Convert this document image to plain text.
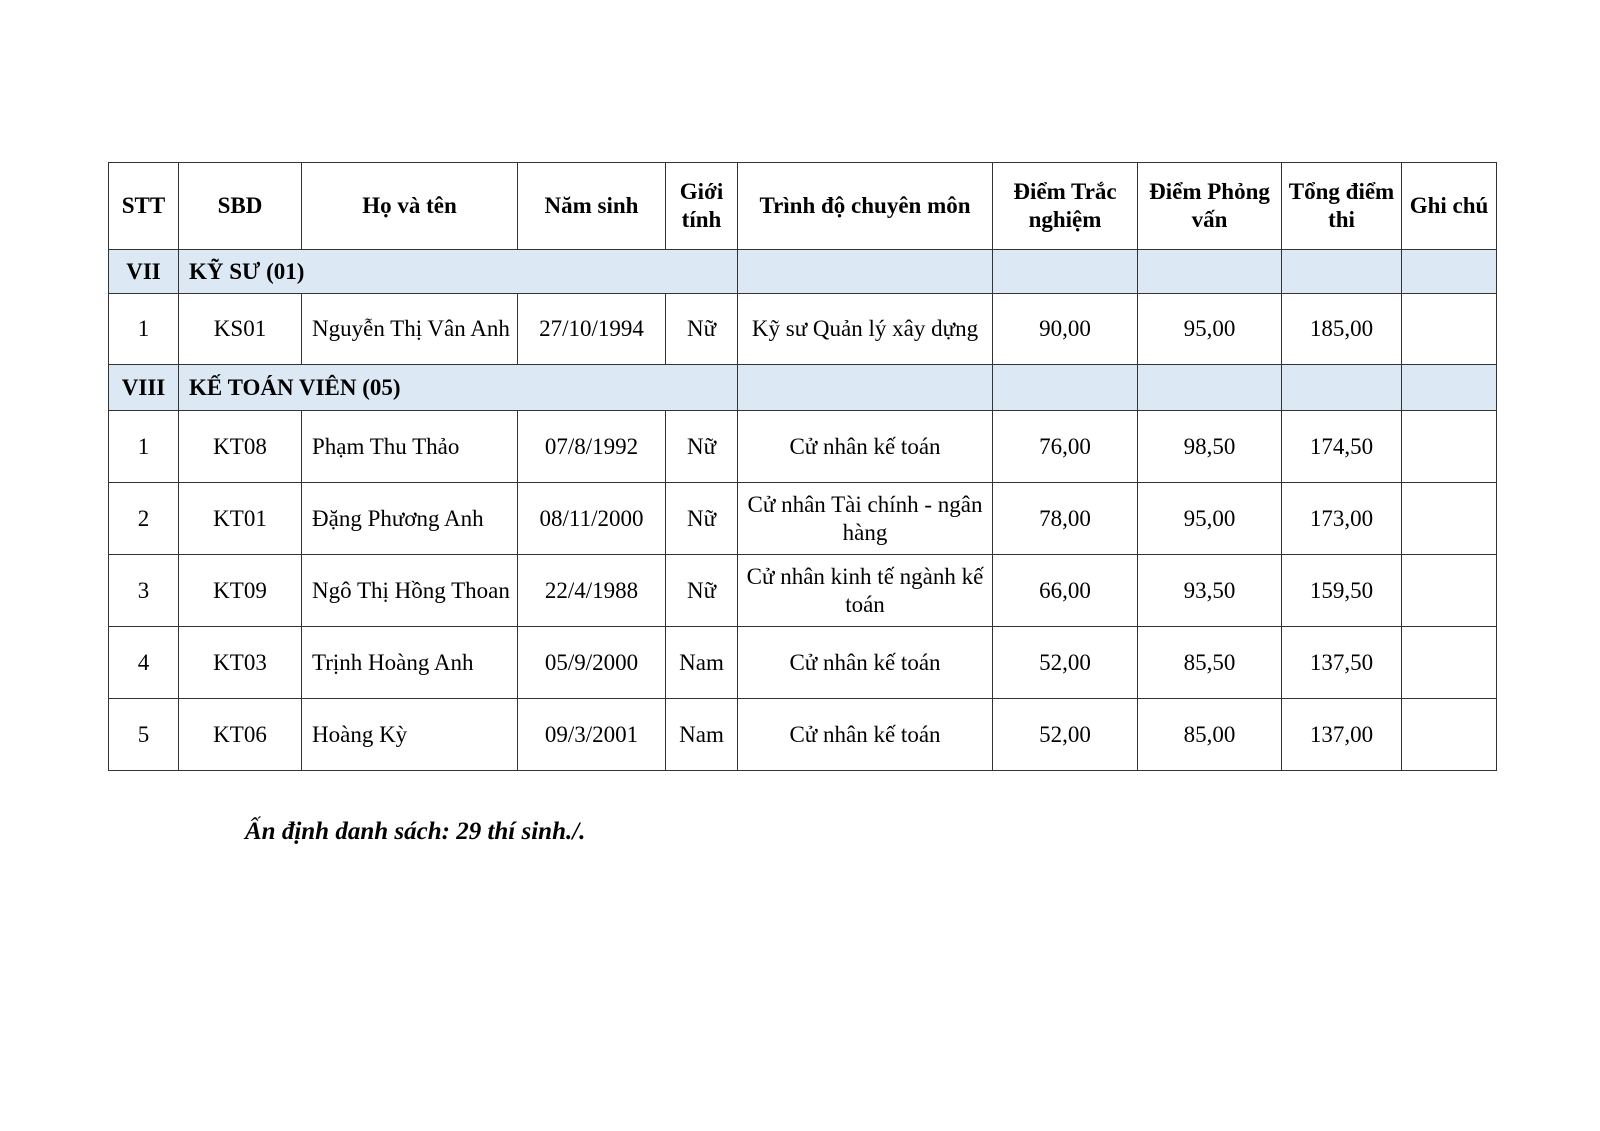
STT	SBD	Họ và tên	Năm sinh	Giới tính	Trình độ chuyên môn	Điểm Trắc nghiệm	Điểm Phỏng vấn	Tổng điểm thi	Ghi chú
VII	KỸ SƯ (01)								
1	KS01	Nguyễn Thị Vân Anh	27/10/1994	Nữ	Kỹ sư Quản lý xây dựng	90,00	95,00	185,00	
VIII	KẾ TOÁN VIÊN (05)								
1	KT08	Phạm Thu Thảo	07/8/1992	Nữ	Cử nhân kế toán	76,00	98,50	174,50	
2	KT01	Đặng Phương Anh	08/11/2000	Nữ	Cử nhân Tài chính - ngân hàng	78,00	95,00	173,00	
3	KT09	Ngô Thị Hồng Thoan	22/4/1988	Nữ	Cử nhân kinh tế ngành kế toán	66,00	93,50	159,50	
4	KT03	Trịnh Hoàng Anh	05/9/2000	Nam	Cử nhân kế toán	52,00	85,50	137,50	
5	KT06	Hoàng Kỳ	09/3/2001	Nam	Cử nhân kế toán	52,00	85,00	137,00	
Ấn định danh sách: 29 thí sinh./.
